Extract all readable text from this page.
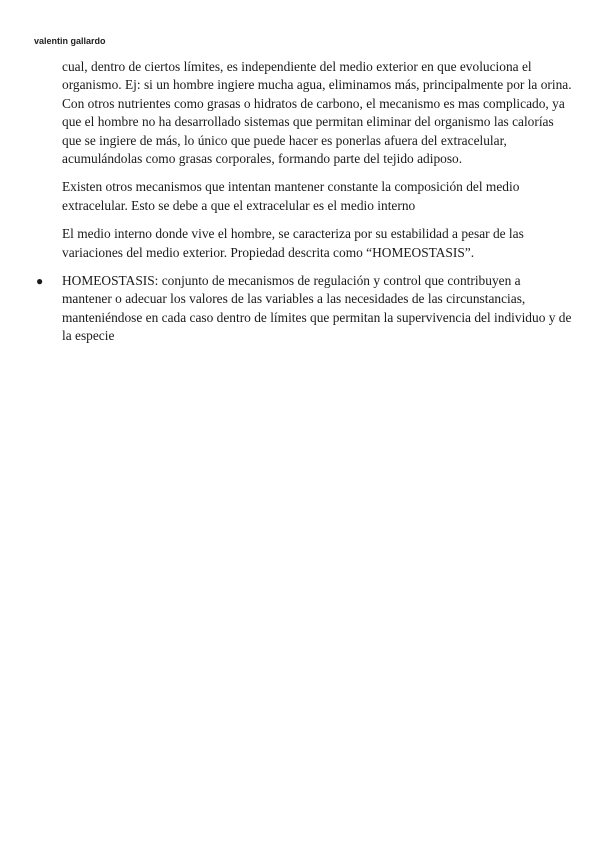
valentin gallardo

cual, dentro de ciertos límites, es independiente del medio exterior en que evoluciona el organismo. Ej: si un hombre ingiere mucha agua, eliminamos más, principalmente por la orina. Con otros nutrientes como grasas o hidratos de carbono, el mecanismo es mas complicado, ya que el hombre no ha desarrollado sistemas que permitan eliminar del organismo las calorías que se ingiere de más, lo único que puede hacer es ponerlas afuera del extracelular, acumulándolas como grasas corporales, formando parte del tejido adiposo.

Existen otros mecanismos que intentan mantener constante la composición del medio extracelular. Esto se debe a que el extracelular es el medio interno

El medio interno donde vive el hombre, se caracteriza por su estabilidad a pesar de las variaciones del medio exterior. Propiedad descrita como “HOMEOSTASIS”.

● HOMEOSTASIS: conjunto de mecanismos de regulación y control que contribuyen a mantener o adecuar los valores de las variables a las necesidades de las circunstancias, manteniéndose en cada caso dentro de límites que permitan la supervivencia del individuo y de la especie
